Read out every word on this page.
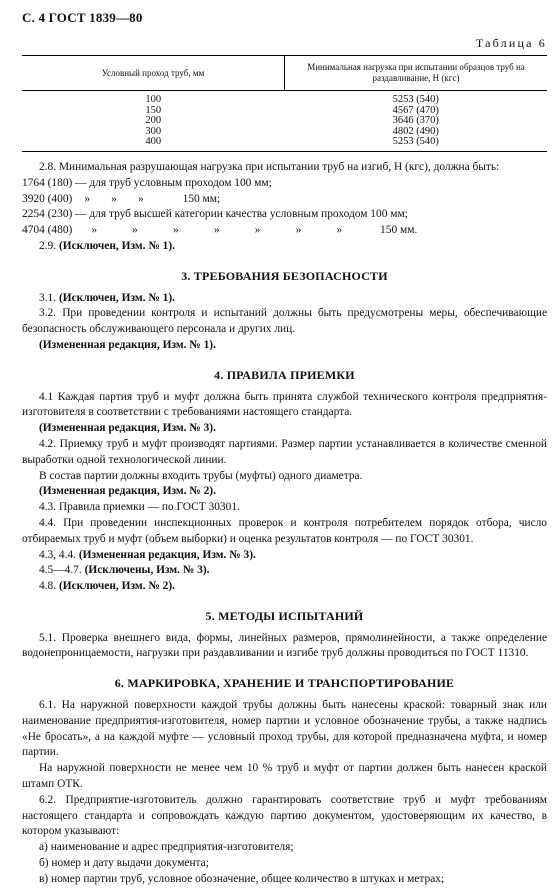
С. 4 ГОСТ 1839—80
Таблица 6
Условный проход труб, мм	Минимальная нагрузка при испытании образцов труб на раздавливание, Н (кгс)
100	5253 (540)
150	4567 (470)
200	3646 (370)
300	4802 (490)
400	5253 (540)

2.8. Минимальная разрушающая нагрузка при испытании труб на изгиб, Н (кгс), должна быть:

1764 (180) — для труб условным проходом 100 мм;

3920 (400) » » »	150 мм;

2254 (230) — для труб высшей категории качества условным проходом 100 мм;

4704 (480) »	»	»	»	»	»	»	150 мм.

2.9. (Исключен, Изм. № 1).

3. ТРЕБОВАНИЯ БЕЗОПАСНОСТИ

3.1. (Исключен, Изм. № 1).

3.2. При проведении контроля и испытаний должны быть предусмотрены меры, обеспечивающие безопасность обслуживающего персонала и других лиц.

(Измененная редакция, Изм. № 1).

4. ПРАВИЛА ПРИЕМКИ

4.1 Каждая партия труб и муфт должна быть принята службой технического контроля предприятия-изготовителя в соответствии с требованиями настоящего стандарта.

(Измененная редакция, Изм. № 3).

4.2. Приемку труб и муфт производят партиями. Размер партии устанавливается в количестве сменной выработки одной технологической линии.

В состав партии должны входить трубы (муфты) одного диаметра.

(Измененная редакция, Изм. № 2).

4.3. Правила приемки — по ГОСТ 30301.

4.4. При проведении инспекционных проверок и контроля потребителем порядок отбора, число отбираемых труб и муфт (объем выборки) и оценка результатов контроля — по ГОСТ 30301.

4.3, 4.4. (Измененная редакция, Изм. № 3).

4.5—4.7. (Исключены, Изм. № 3).

4.8. (Исключен, Изм. № 2).

5. МЕТОДЫ ИСПЫТАНИЙ

5.1. Проверка внешнего вида, формы, линейных размеров, прямолинейности, а также определение водонепроницаемости, нагрузки при раздавливании и изгибе труб должны проводиться по ГОСТ 11310.

6. МАРКИРОВКА, ХРАНЕНИЕ И ТРАНСПОРТИРОВАНИЕ

6.1. На наружной поверхности каждой трубы должны быть нанесены краской: товарный знак или наименование предприятия-изготовителя, номер партии и условное обозначение трубы, а также надпись «Не бросать», а на каждой муфте — условный проход трубы, для которой предназначена муфта, и номер партии.

На наружной поверхности не менее чем 10 % труб и муфт от партии должен быть нанесен краской штамп ОТК.

6.2. Предприятие-изготовитель должно гарантировать соответствие труб и муфт требованиям настоящего стандарта и сопровождать каждую партию документом, удостоверяющим их качество, в котором указывают:

а) наименование и адрес предприятия-изготовителя;

б) номер и дату выдачи документа;

в) номер партии труб, условное обозначение, общее количество в штуках и метрах;
